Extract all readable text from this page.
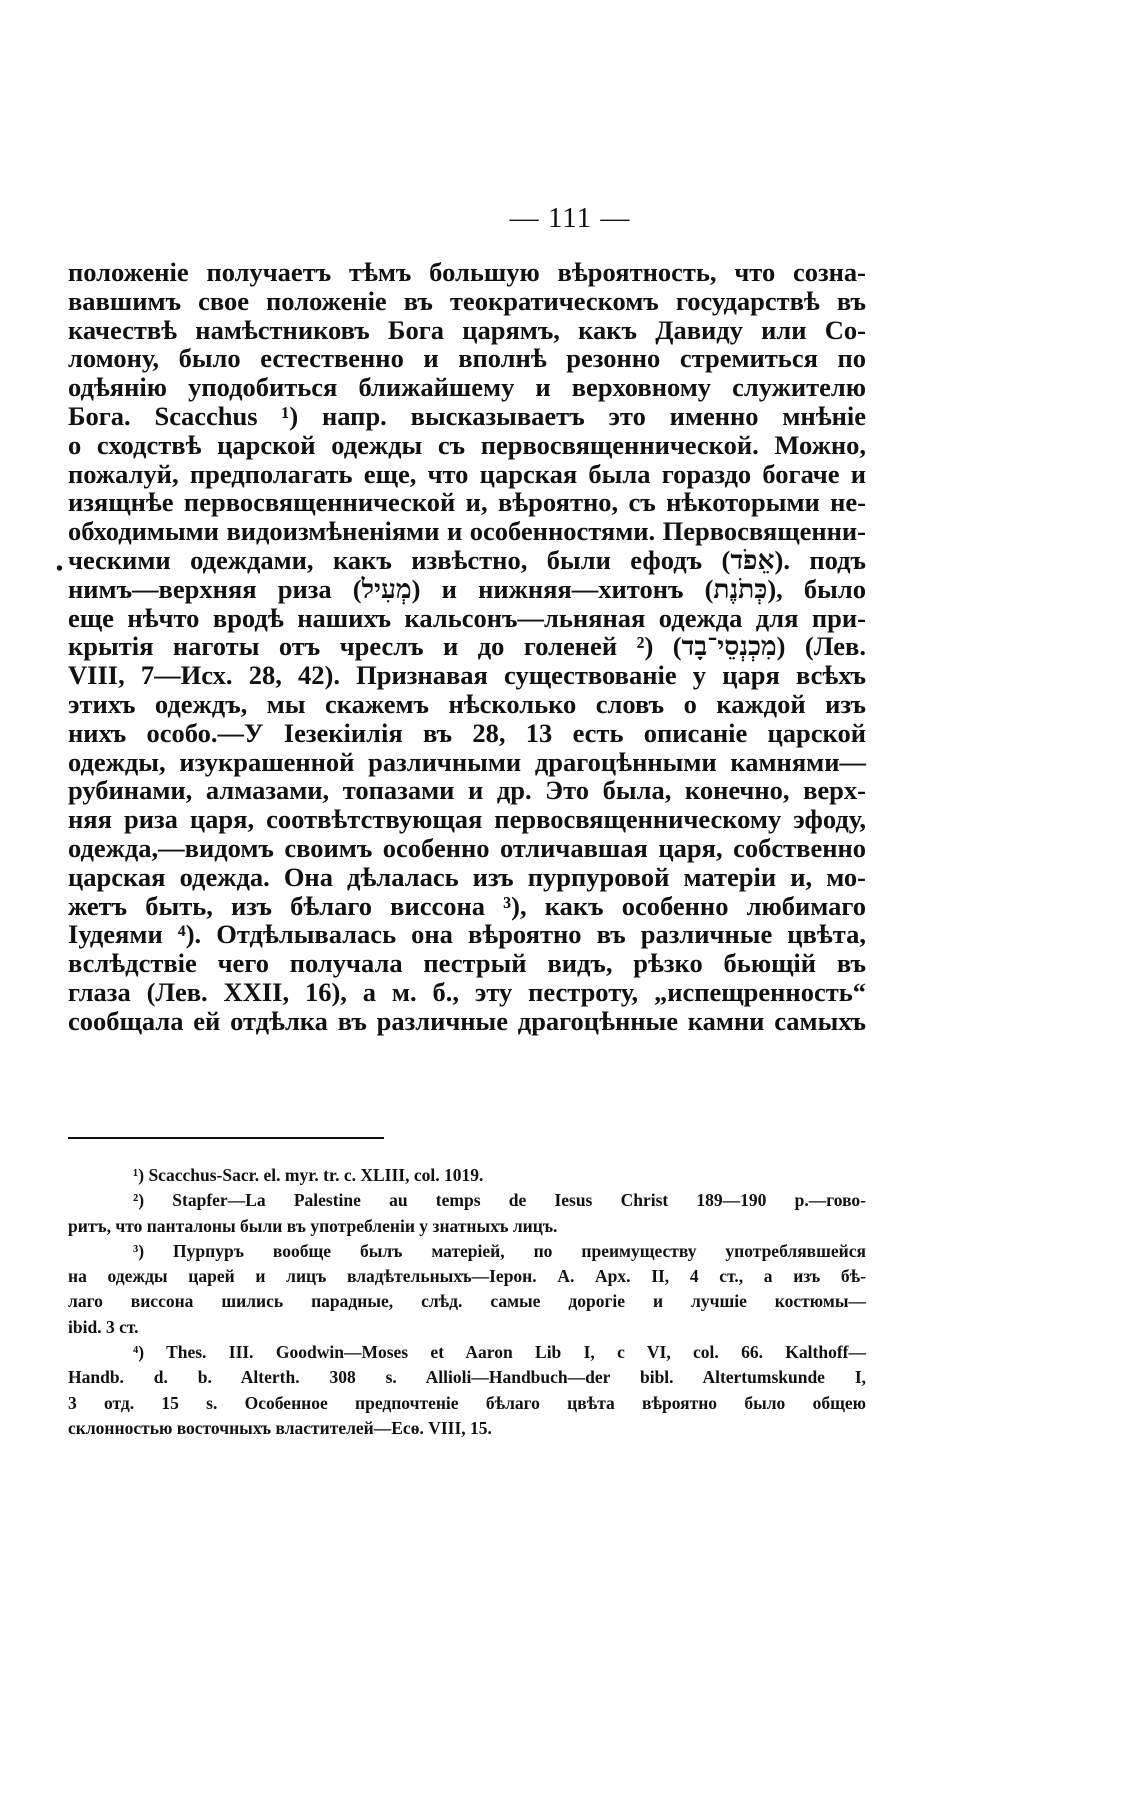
— 111 —
•
положеніе получаетъ тѣмъ большую вѣроятность, что созна-
вавшимъ свое положеніе въ теократическомъ государствѣ въ
качествѣ намѣстниковъ Бога царямъ, какъ Давиду или Со-
ломону, было естественно и вполнѣ резонно стремиться по
одѣянію уподобиться ближайшему и верховному служителю
Бога. Scacchus ¹) напр. высказываетъ это именно мнѣніе
о сходствѣ царской одежды съ первосвященнической. Можно,
пожалуй, предполагать еще, что царская была гораздо богаче и
изящнѣе первосвященнической и, вѣроятно, съ нѣкоторыми не-
обходимыми видоизмѣненіями и особенностями. Первосвященни-
ческими одеждами, какъ извѣстно, были ефодъ (אֵפֹד). подъ
нимъ—верхняя риза (מְעִיל) и нижняя—хитонъ (כְּתֹנֶת), было
еще нѣчто вродѣ нашихъ кальсонъ—льняная одежда для при-
крытія наготы отъ чреслъ и до голеней ²) (מִכְנְסֵי־בָד) (Лев.
VIII, 7—Исх. 28, 42). Признавая существованіе у царя всѣхъ
этихъ одеждъ, мы скажемъ нѣсколько словъ о каждой изъ
нихъ особо.—У Іезекіилія въ 28, 13 есть описаніе царской
одежды, изукрашенной различными драгоцѣнными камнями—
рубинами, алмазами, топазами и др. Это была, конечно, верх-
няя риза царя, соотвѣтствующая первосвященническому эфоду,
одежда,—видомъ своимъ особенно отличавшая царя, собственно
царская одежда. Она дѣлалась изъ пурпуровой матеріи и, мо-
жетъ быть, изъ бѣлаго виссона ³), какъ особенно любимаго
Іудеями ⁴). Отдѣлывалась она вѣроятно въ различные цвѣта,
вслѣдствіе чего получала пестрый видъ, рѣзко бьющій въ
глаза (Лев. XXII, 16), а м. б., эту пестроту, „испещренность“
сообщала ей отдѣлка въ различные драгоцѣнные камни самыхъ
¹) Scacchus-Sacr. el. myr. tr. c. XLIII, col. 1019.
²) Stapfer—La Palestine au temps de Iesus Christ 189—190 p.—гово-
ритъ, что панталоны были въ употребленіи у знатныхъ лицъ.
³) Пурпуръ вообще былъ матеріей, по преимуществу употреблявшейся
на одежды царей и лицъ владѣтельныхъ—Іерон. А. Арх. II, 4 ст., а изъ бѣ-
лаго виссона шились парадные, слѣд. самые дорогіе и лучшіе костюмы—
ibid. 3 ст.
⁴) Thes. III. Goodwin—Moses et Aaron Lib I, c VI, col. 66. Kalthoff—
Handb. d. b. Alterth. 308 s. Allioli—Handbuch—der bibl. Altertumskunde I,
3 отд. 15 s. Особенное предпочтеніе бѣлаго цвѣта вѣроятно было общею
склонностью восточныхъ властителей—Есѳ. VIII, 15.
